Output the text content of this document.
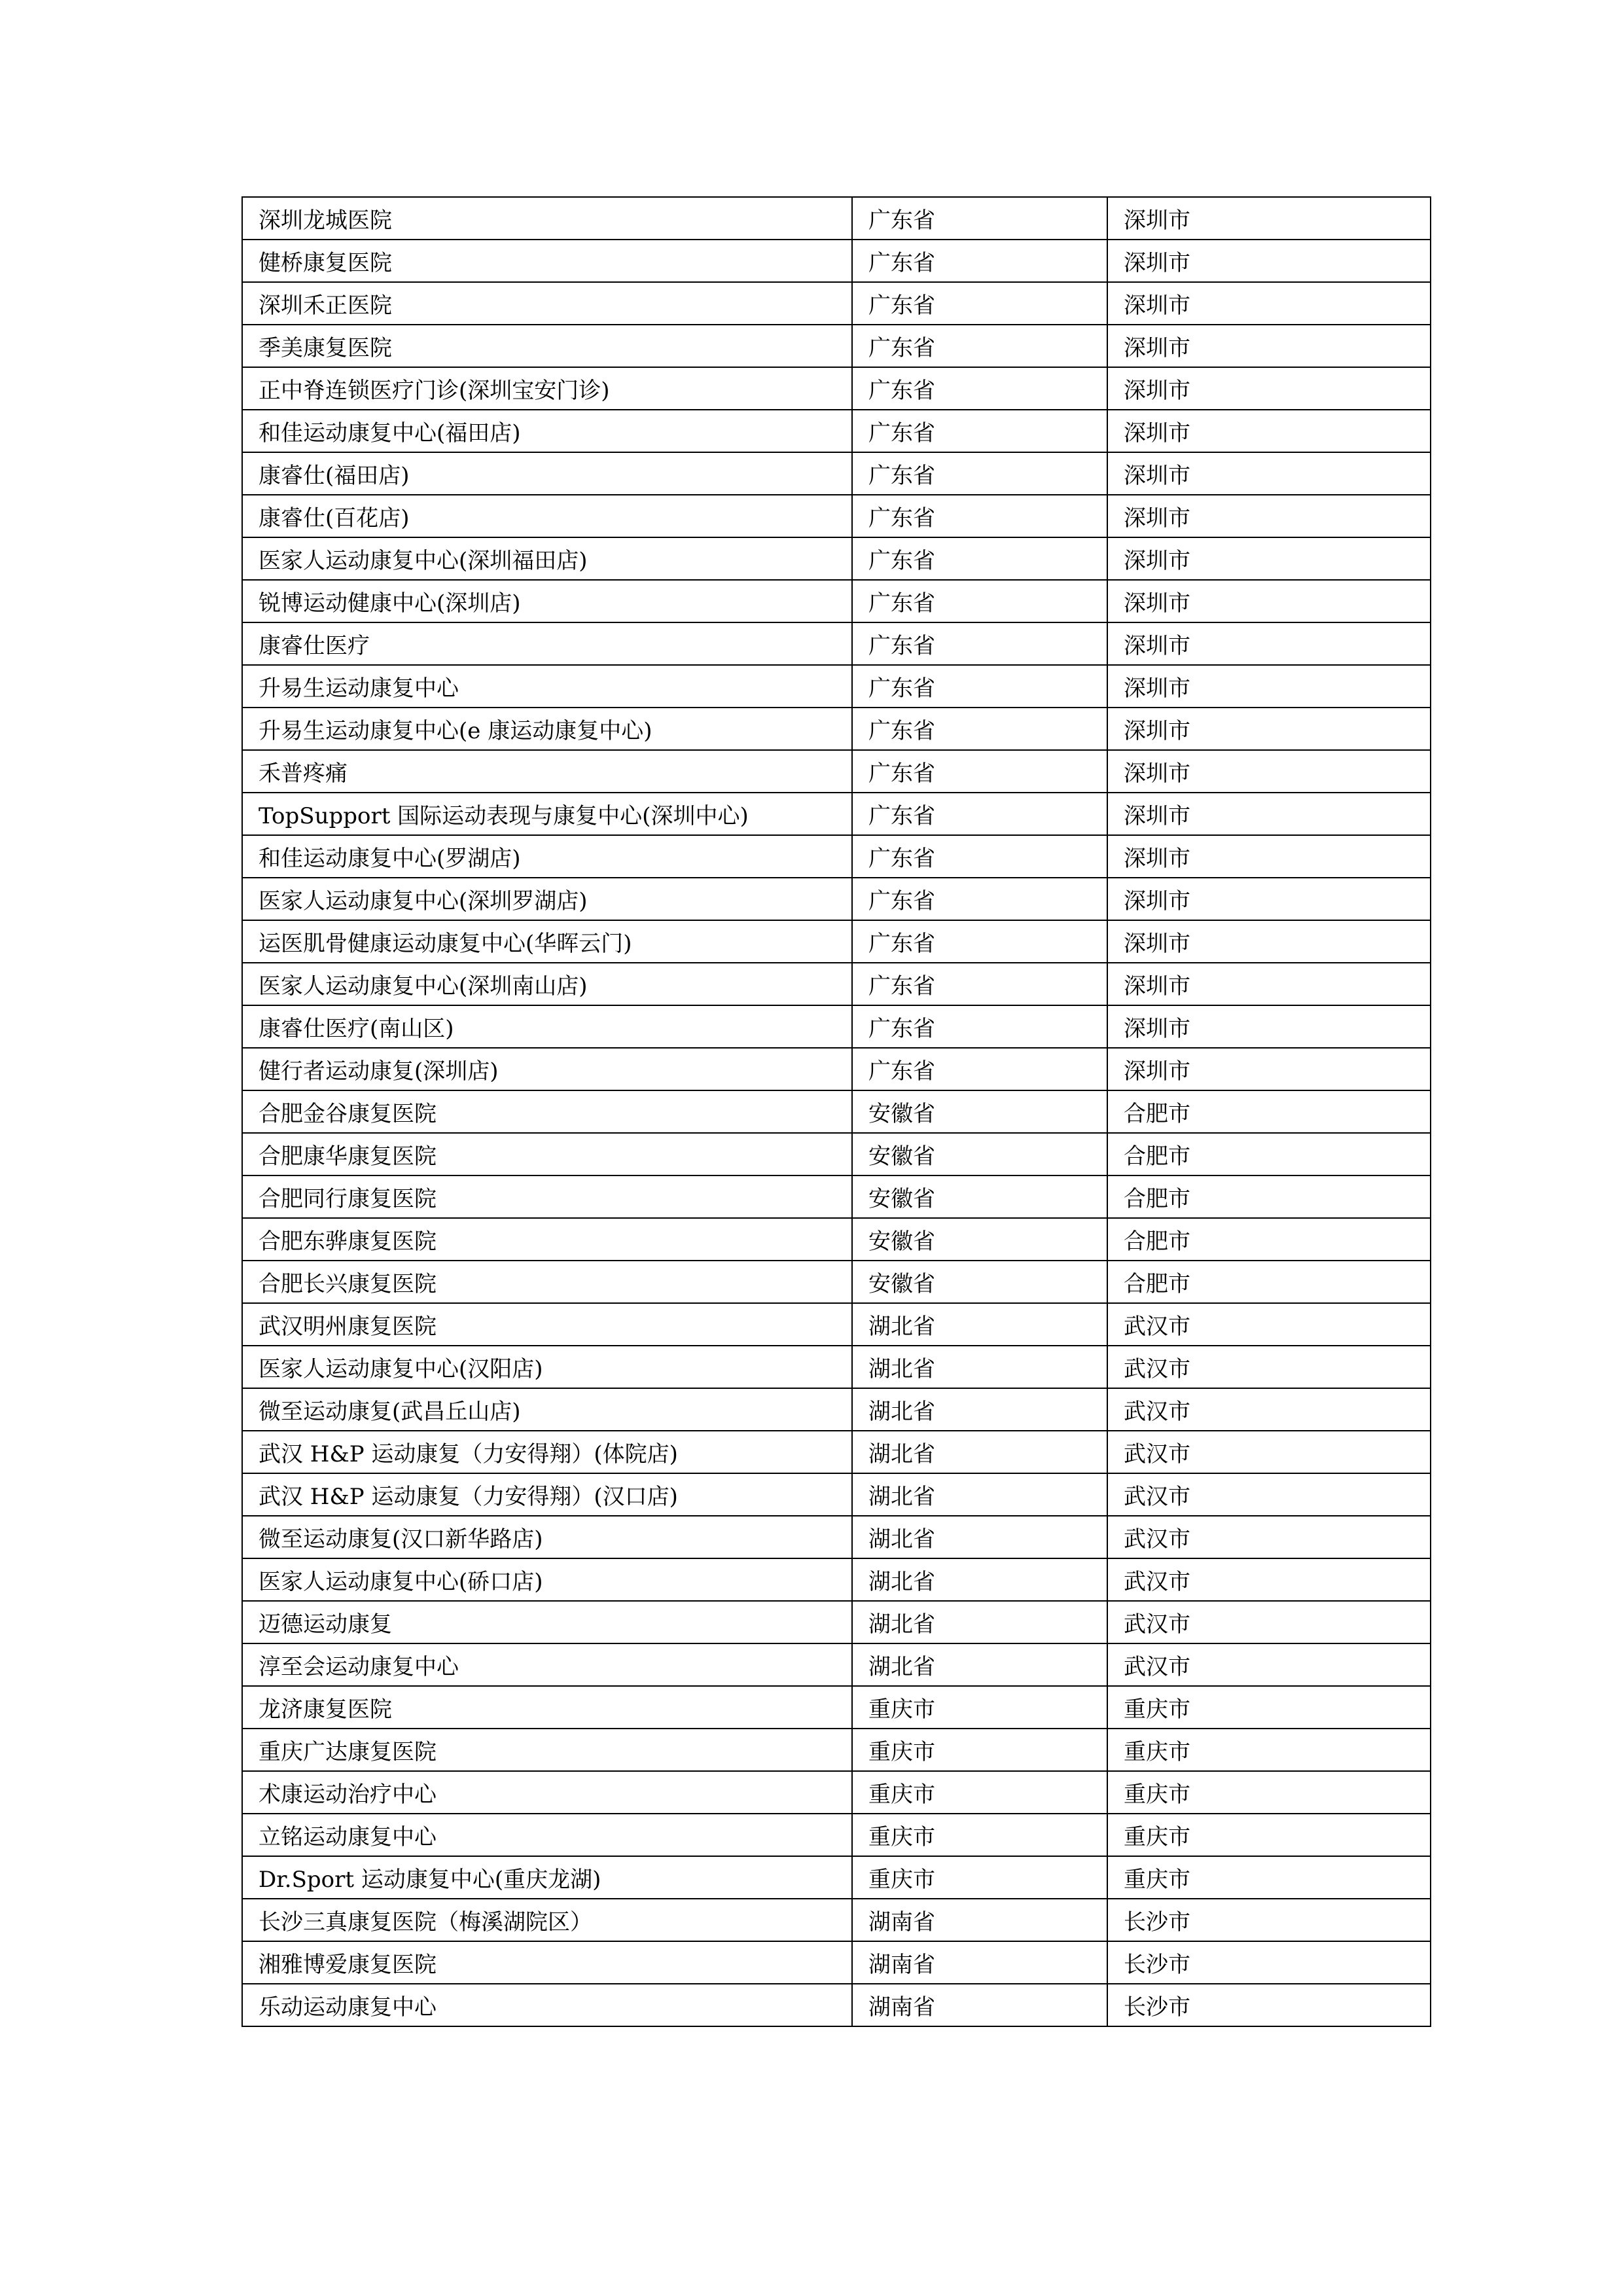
深圳龙城医院	广东省	深圳市
健桥康复医院	广东省	深圳市
深圳禾正医院	广东省	深圳市
季美康复医院	广东省	深圳市
正中脊连锁医疗门诊(深圳宝安门诊)	广东省	深圳市
和佳运动康复中心(福田店)	广东省	深圳市
康睿仕(福田店)	广东省	深圳市
康睿仕(百花店)	广东省	深圳市
医家人运动康复中心(深圳福田店)	广东省	深圳市
锐博运动健康中心(深圳店)	广东省	深圳市
康睿仕医疗	广东省	深圳市
升易生运动康复中心	广东省	深圳市
升易生运动康复中心(e 康运动康复中心)	广东省	深圳市
禾普疼痛	广东省	深圳市
TopSupport 国际运动表现与康复中心(深圳中心)	广东省	深圳市
和佳运动康复中心(罗湖店)	广东省	深圳市
医家人运动康复中心(深圳罗湖店)	广东省	深圳市
运医肌骨健康运动康复中心(华晖云门)	广东省	深圳市
医家人运动康复中心(深圳南山店)	广东省	深圳市
康睿仕医疗(南山区)	广东省	深圳市
健行者运动康复(深圳店)	广东省	深圳市
合肥金谷康复医院	安徽省	合肥市
合肥康华康复医院	安徽省	合肥市
合肥同行康复医院	安徽省	合肥市
合肥东骅康复医院	安徽省	合肥市
合肥长兴康复医院	安徽省	合肥市
武汉明州康复医院	湖北省	武汉市
医家人运动康复中心(汉阳店)	湖北省	武汉市
微至运动康复(武昌丘山店)	湖北省	武汉市
武汉 H&P 运动康复（力安得翔）(体院店)	湖北省	武汉市
武汉 H&P 运动康复（力安得翔）(汉口店)	湖北省	武汉市
微至运动康复(汉口新华路店)	湖北省	武汉市
医家人运动康复中心(硚口店)	湖北省	武汉市
迈德运动康复	湖北省	武汉市
淳至会运动康复中心	湖北省	武汉市
龙济康复医院	重庆市	重庆市
重庆广达康复医院	重庆市	重庆市
术康运动治疗中心	重庆市	重庆市
立铭运动康复中心	重庆市	重庆市
Dr.Sport 运动康复中心(重庆龙湖)	重庆市	重庆市
长沙三真康复医院（梅溪湖院区）	湖南省	长沙市
湘雅博爱康复医院	湖南省	长沙市
乐动运动康复中心	湖南省	长沙市
